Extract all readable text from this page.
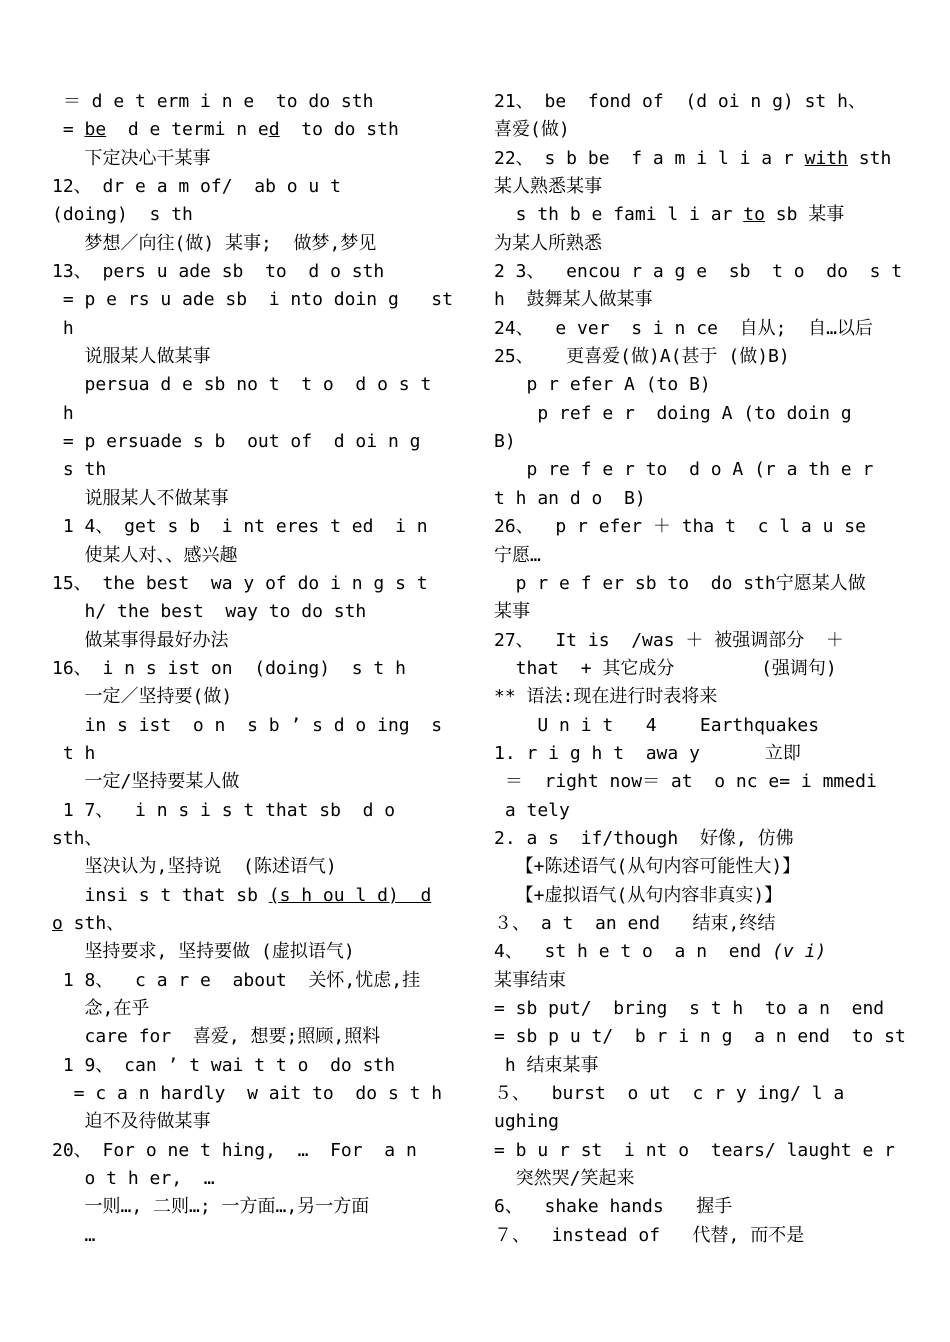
＝ d e t erm i n e  to do sth
= be  d e termi n ed  to do sth
下定决心干某事
12、 dr e a m of/  ab o u t
(doing)  s th
梦想／向往(做) 某事;  做梦,梦见
13、 pers u ade sb  to  d o sth
= p e rs u ade sb  i nto doin g   st
h
说服某人做某事
persua d e sb no t  t o  d o s t
h
= p ersuade s b  out of  d oi n g
s th
说服某人不做某事
1 4、 get s b  i nt eres t ed  i n
使某人对、、感兴趣
15、 the best  wa y of do i n g s t
h/ the best  way to do sth
做某事得最好办法
16、 i n s ist on  (doing)  s t h
一定／坚持要(做)
in s ist  o n  s b ’ s d o ing  s
t h
一定/坚持要某人做
1 7、  i n s i s t that sb  d o
sth、
坚决认为,坚持说  (陈述语气)
insi s t that sb (s h ou l d)  d
o sth、
坚持要求, 坚持要做 (虚拟语气)
1 8、  c a r e  about  关怀,忧虑,挂
念,在乎
care for  喜爱, 想要;照顾,照料
1 9、 can ’ t wai t t o  do sth
= c a n hardly  w ait to  do s t h
迫不及待做某事
20、 For o ne t hing,  …  For  a n
o t h er,  …
一则…, 二则…; 一方面…,另一方面
…
21、 be  fond of  (d oi n g) st h、
喜爱(做)
22、 s b be  f a m i l i a r with sth
某人熟悉某事
s th b e fami l i ar to sb 某事
为某人所熟悉
2 3、  encou r a g e  sb  t o  do  s t
h  鼓舞某人做某事
24、  e ver  s i n ce  自从;  自…以后
25、   更喜爱(做)A(甚于 (做)B)
p r efer A (to B)
p ref e r  doing A (to doin g
B)
p re f e r to  d o A (r a th e r
t h an d o  B)
26、  p r efer ＋ tha t  c l a u se
宁愿…
p r e f er sb to  do sth宁愿某人做
某事
27、  It is  /was ＋ 被强调部分  ＋
that  + 其它成分        (强调句)
** 语法:现在进行时表将来
U n i t   4    Earthquakes
1. r i g h t  awa y      立即
＝  right now＝ at  o nc e= i mmedi
a tely
2. a s  if/though  好像, 仿佛
【+陈述语气(从句内容可能性大)】
【+虚拟语气(从句内容非真实)】
３、 a t  an end   结束,终结
4、  st h e t o  a n  end (v i)
某事结束
= sb put/  bring  s t h  to a n  end
= sb p u t/  b r i n g  a n end  to st
h 结束某事
５、  burst  o ut  c r y ing/ l a
ughing
= b u r st  i nt o  tears/ laught e r
突然哭/笑起来
6、  shake hands   握手
７、  instead of   代替, 而不是
